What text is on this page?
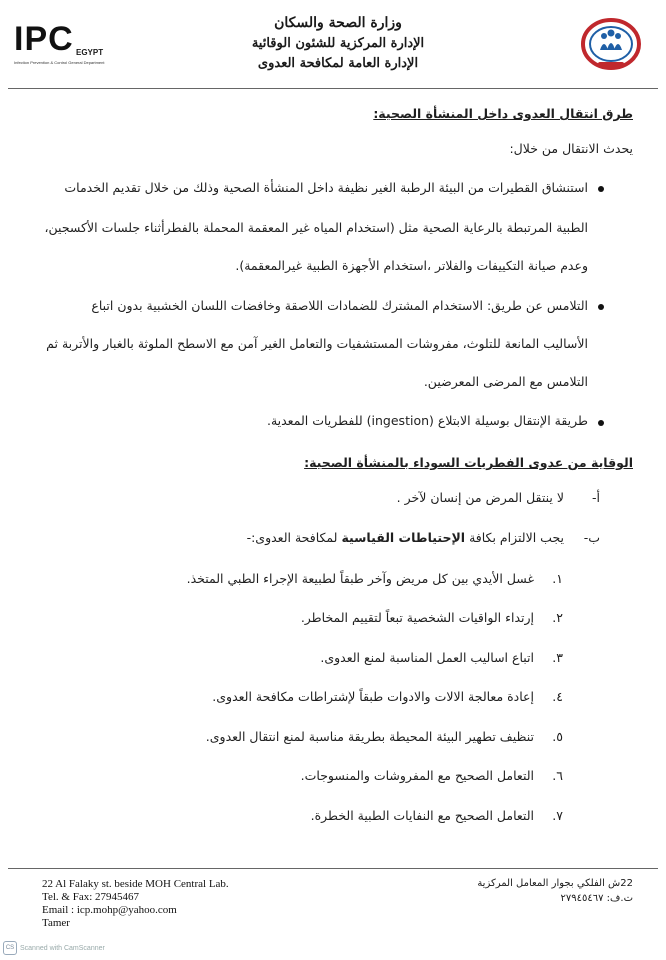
IPC EGYPT
Infection Prevention & Control General Department
وزارة الصحة والسكان
الإدارة المركزية للشئون الوقائية
الإدارة العامة لمكافحة العدوى
طرق انتقال العدوى داخل المنشأة الصحية:
يحدث الانتقال من خلال:
استنشاق القطيرات من البيئة الرطبة الغير نظيفة داخل المنشأة الصحية وذلك من خلال تقديم الخدمات
الطبية المرتبطة بالرعاية الصحية مثل (استخدام المياه غير المعقمة المحملة بالفطرأثناء جلسات الأكسجين،
وعدم صيانة التكييفات والفلاتر ،استخدام الأجهزة الطبية غيرالمعقمة).
التلامس عن طريق: الاستخدام المشترك للضمادات اللاصقة وخافضات اللسان الخشبية بدون اتباع
الأساليب المانعة للتلوث، مفروشات المستشفيات والتعامل الغير آمن مع الاسطح الملوثة بالغبار والأتربة ثم
التلامس مع المرضى المعرضين.
طريقة الإنتقال بوسيلة الابتلاع (ingestion) للفطريات المعدية.
الوقاية من عدوى الفطريات السوداء بالمنشأة الصحية:
أ-
لا ينتقل المرض من إنسان لآخر .
ب-
يجب الالتزام بكافة الإحتياطات القياسية لمكافحة العدوى:-
١.
غسل الأيدي بين كل مريض وآخر طبقاً لطبيعة الإجراء الطبي المتخذ.
٢.
إرتداء الواقيات الشخصية تبعاً لتقييم المخاطر.
٣.
اتباع اساليب العمل المناسبة لمنع العدوى.
٤.
إعادة معالجة الالات والادوات طبقاً لإشتراطات مكافحة العدوى.
٥.
تنظيف تطهير البيئة المحيطة بطريقة مناسبة لمنع انتقال العدوى.
٦.
التعامل الصحيح مع المفروشات والمنسوجات.
٧.
التعامل الصحيح مع النفايات الطبية الخطرة.
22 Al Falaky st. beside MOH Central Lab.
Tel. & Fax: 27945467
Email : icp.mohp@yahoo.com
Tamer
22ش الفلكي بجوار المعامل المركزية
ت.ف: ٢٧٩٤٥٤٦٧
CS Scanned with CamScanner
